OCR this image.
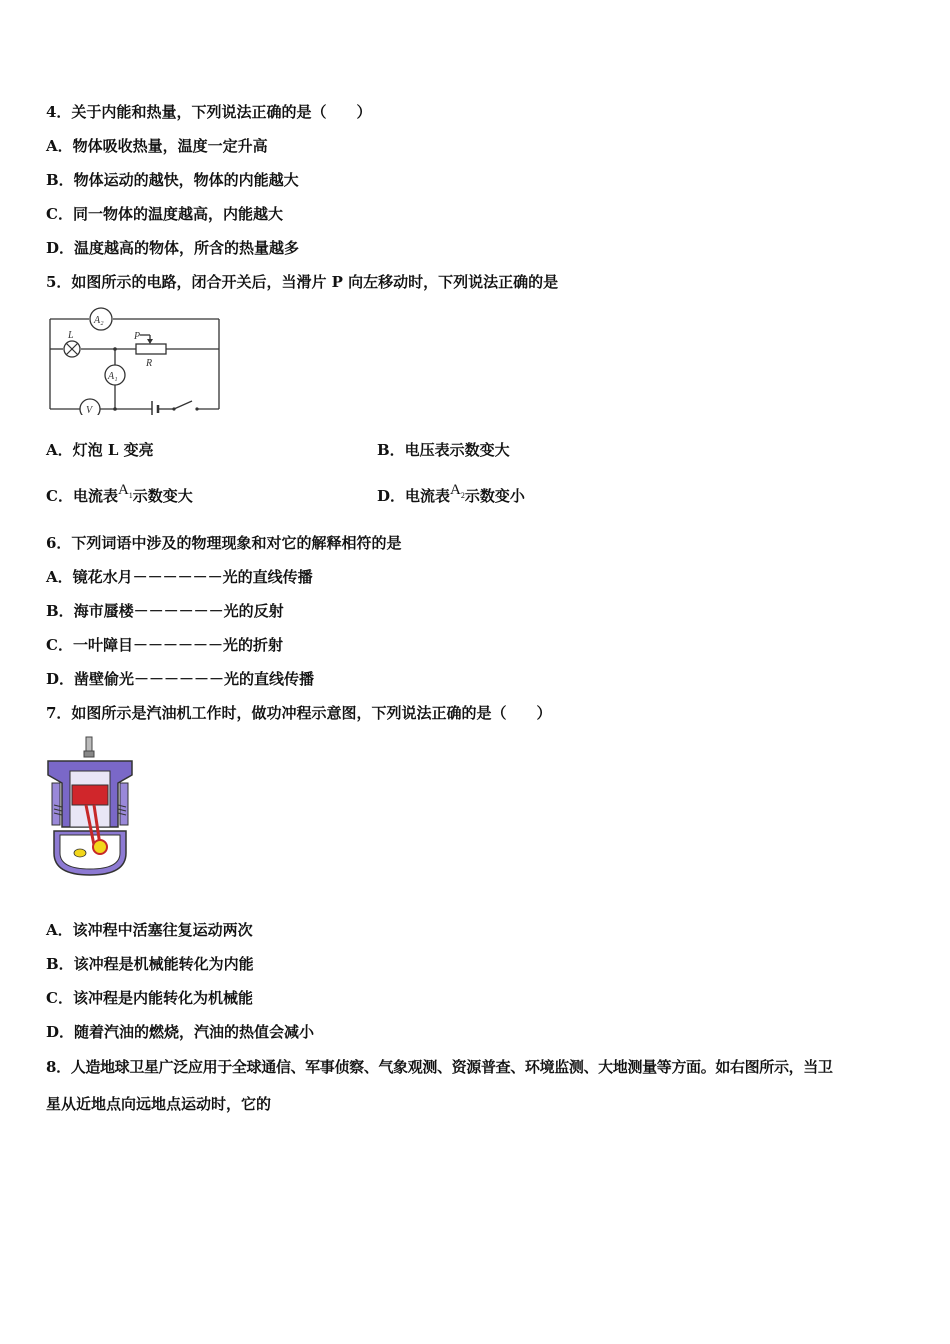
4．关于内能和热量，下列说法正确的是（　　）
A．物体吸收热量，温度一定升高
B．物体运动的越快，物体的内能越大
C．同一物体的温度越高，内能越大
D．温度越高的物体，所含的热量越多
5．如图所示的电路，闭合开关后，当滑片 P 向左移动时，下列说法正确的是
A₂
L	P
R
A₁
V
A．灯泡 L 变亮	B．电压表示数变大
C．电流表$A_1$示数变大	D．电流表$A_2$示数变小
6．下列词语中涉及的物理现象和对它的解释相符的是
A．镜花水月－－－－－－光的直线传播
B．海市蜃楼－－－－－－光的反射
C．一叶障目－－－－－－光的折射
D．凿壁偷光－－－－－－光的直线传播
7．如图所示是汽油机工作时，做功冲程示意图，下列说法正确的是（　　）
A．该冲程中活塞往复运动两次
B．该冲程是机械能转化为内能
C．该冲程是内能转化为机械能
D．随着汽油的燃烧，汽油的热值会减小
8．人造地球卫星广泛应用于全球通信、军事侦察、气象观测、资源普查、环境监测、大地测量等方面。如右图所示，当卫
星从近地点向远地点运动时，它的
